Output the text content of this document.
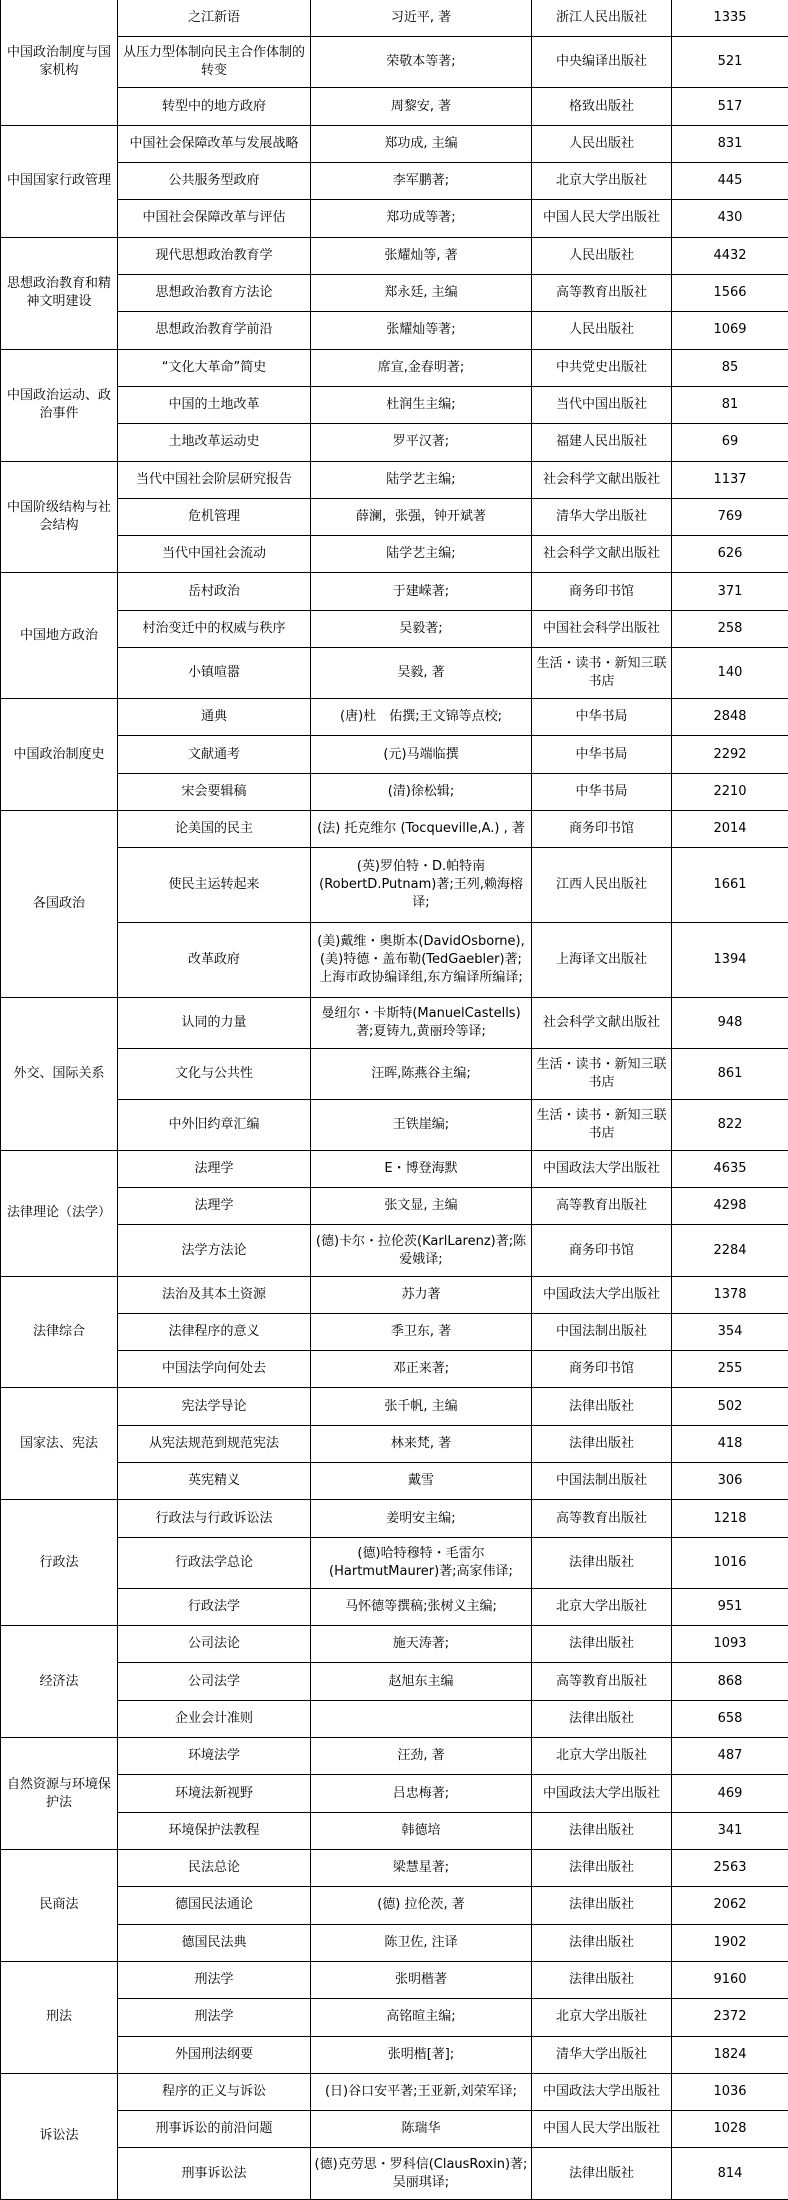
中国政治制度与国家机构	之江新语	习近平, 著	浙江人民出版社	1335
	从压力型体制向民主合作体制的转变	荣敬本等著;	中央编译出版社	521
	转型中的地方政府	周黎安, 著	格致出版社	517
中国国家行政管理	中国社会保障改革与发展战略	郑功成, 主编	人民出版社	831
	公共服务型政府	李军鹏著;	北京大学出版社	445
	中国社会保障改革与评估	郑功成等著;	中国人民大学出版社	430
思想政治教育和精神文明建设	现代思想政治教育学	张耀灿等, 著	人民出版社	4432
	思想政治教育方法论	郑永廷, 主编	高等教育出版社	1566
	思想政治教育学前沿	张耀灿等著;	人民出版社	1069
中国政治运动、政治事件	“文化大革命”简史	席宣,金春明著;	中共党史出版社	85
	中国的土地改革	杜润生主编;	当代中国出版社	81
	土地改革运动史	罗平汉著;	福建人民出版社	69
中国阶级结构与社会结构	当代中国社会阶层研究报告	陆学艺主编;	社会科学文献出版社	1137
	危机管理	薛澜，张强，钟开斌著	清华大学出版社	769
	当代中国社会流动	陆学艺主编;	社会科学文献出版社	626
中国地方政治	岳村政治	于建嵘著;	商务印书馆	371
	村治变迁中的权威与秩序	吴毅著;	中国社会科学出版社	258
	小镇喧嚣	吴毅, 著	生活・读书・新知三联书店	140
中国政治制度史	通典	(唐)杜　佑撰;王文锦等点校;	中华书局	2848
	文献通考	(元)马端临撰	中华书局	2292
	宋会要辑稿	(清)徐松辑;	中华书局	2210
各国政治	论美国的民主	(法) 托克维尔 (Tocqueville,A.) , 著	商务印书馆	2014
	使民主运转起来	(英)罗伯特・D.帕特南(RobertD.Putnam)著;王列,赖海榕译;	江西人民出版社	1661
	改革政府	(美)戴维・奥斯本(DavidOsborne),(美)特德・盖布勒(TedGaebler)著;上海市政协编译组,东方编译所编译;	上海译文出版社	1394
外交、国际关系	认同的力量	曼纽尔・卡斯特(ManuelCastells)著;夏铸九,黄丽玲等译;	社会科学文献出版社	948
	文化与公共性	汪晖,陈燕谷主编;	生活・读书・新知三联书店	861
	中外旧约章汇编	王铁崖编;	生活・读书・新知三联书店	822
法律理论（法学）	法理学	E・博登海默	中国政法大学出版社	4635
	法理学	张文显, 主编	高等教育出版社	4298
	法学方法论	(德)卡尔・拉伦茨(KarlLarenz)著;陈爱娥译;	商务印书馆	2284
法律综合	法治及其本土资源	苏力著	中国政法大学出版社	1378
	法律程序的意义	季卫东, 著	中国法制出版社	354
	中国法学向何处去	邓正来著;	商务印书馆	255
国家法、宪法	宪法学导论	张千帆, 主编	法律出版社	502
	从宪法规范到规范宪法	林来梵, 著	法律出版社	418
	英宪精义	戴雪	中国法制出版社	306
行政法	行政法与行政诉讼法	姜明安主编;	高等教育出版社	1218
	行政法学总论	(德)哈特穆特・毛雷尔(HartmutMaurer)著;高家伟译;	法律出版社	1016
	行政法学	马怀德等撰稿;张树义主编;	北京大学出版社	951
经济法	公司法论	施天涛著;	法律出版社	1093
	公司法学	赵旭东主编	高等教育出版社	868
	企业会计准则		法律出版社	658
自然资源与环境保护法	环境法学	汪劲, 著	北京大学出版社	487
	环境法新视野	吕忠梅著;	中国政法大学出版社	469
	环境保护法教程	韩德培	法律出版社	341
民商法	民法总论	梁慧星著;	法律出版社	2563
	德国民法通论	(德) 拉伦茨, 著	法律出版社	2062
	德国民法典	陈卫佐, 注译	法律出版社	1902
刑法	刑法学	张明楷著	法律出版社	9160
	刑法学	高铭暄主编;	北京大学出版社	2372
	外国刑法纲要	张明楷[著];	清华大学出版社	1824
诉讼法	程序的正义与诉讼	(日)谷口安平著;王亚新,刘荣军译;	中国政法大学出版社	1036
	刑事诉讼的前沿问题	陈瑞华	中国人民大学出版社	1028
	刑事诉讼法	(德)克劳思・罗科信(ClausRoxin)著;吴丽琪译;	法律出版社	814
